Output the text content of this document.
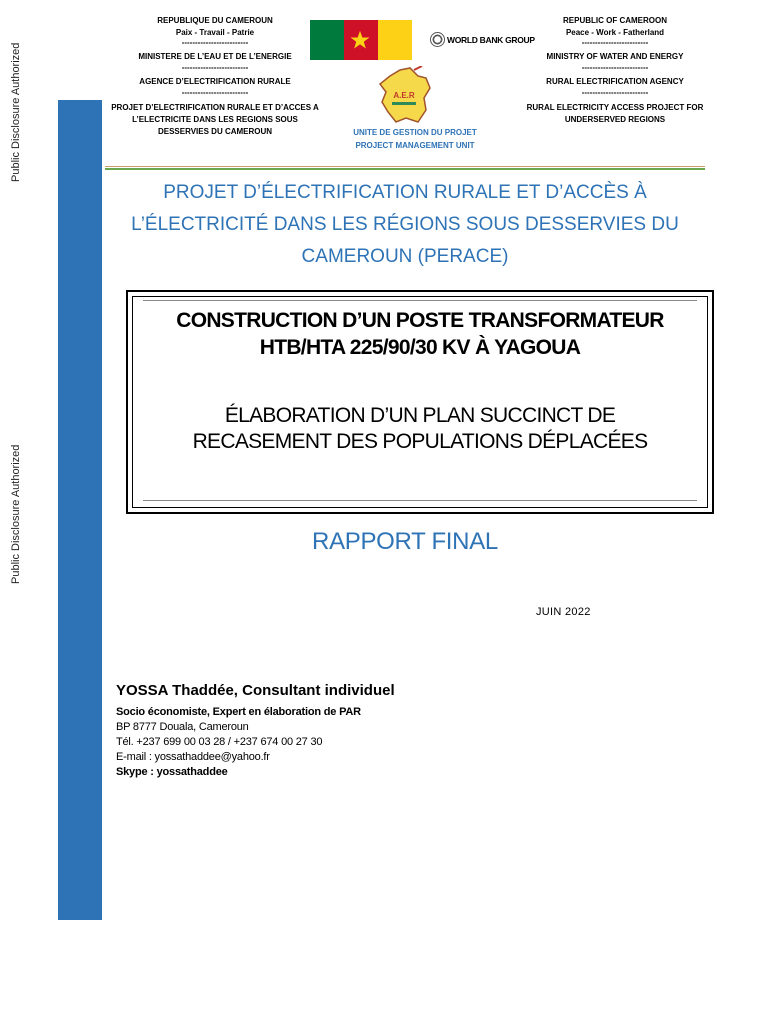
Public Disclosure Authorized
Public Disclosure Authorized
REPUBLIQUE DU CAMEROUN
Paix - Travail - Patrie
-------------------------
MINISTERE DE L’EAU ET DE L’ENERGIE
-------------------------
AGENCE D’ELECTRIFICATION RURALE
-------------------------
PROJET D’ELECTRIFICATION RURALE ET D’ACCES A
L’ELECTRICITE DANS LES REGIONS SOUS
DESSERVIES DU CAMEROUN
REPUBLIC OF CAMEROON
Peace - Work - Fatherland
-------------------------
MINISTRY OF WATER AND ENERGY
-------------------------
RURAL ELECTRIFICATION AGENCY
-------------------------
RURAL ELECTRICITY ACCESS PROJECT FOR
UNDERSERVED REGIONS
WORLD BANK GROUP
A.E.R
UNITE DE GESTION DU PROJET
PROJECT MANAGEMENT UNIT
PROJET D’ÉLECTRIFICATION RURALE ET D’ACCÈS À
L’ÉLECTRICITÉ DANS LES RÉGIONS SOUS DESSERVIES DU
CAMEROUN (PERACE)
CONSTRUCTION D’UN POSTE TRANSFORMATEUR
HTB/HTA 225/90/30 KV À YAGOUA
ÉLABORATION D’UN PLAN SUCCINCT DE
RECASEMENT DES POPULATIONS DÉPLACÉES
RAPPORT FINAL
JUIN 2022
YOSSA Thaddée, Consultant individuel
Socio économiste, Expert en élaboration de PAR
BP 8777 Douala, Cameroun
Tél. +237 699 00 03 28 / +237 674 00 27 30
E-mail : yossathaddee@yahoo.fr
Skype : yossathaddee
